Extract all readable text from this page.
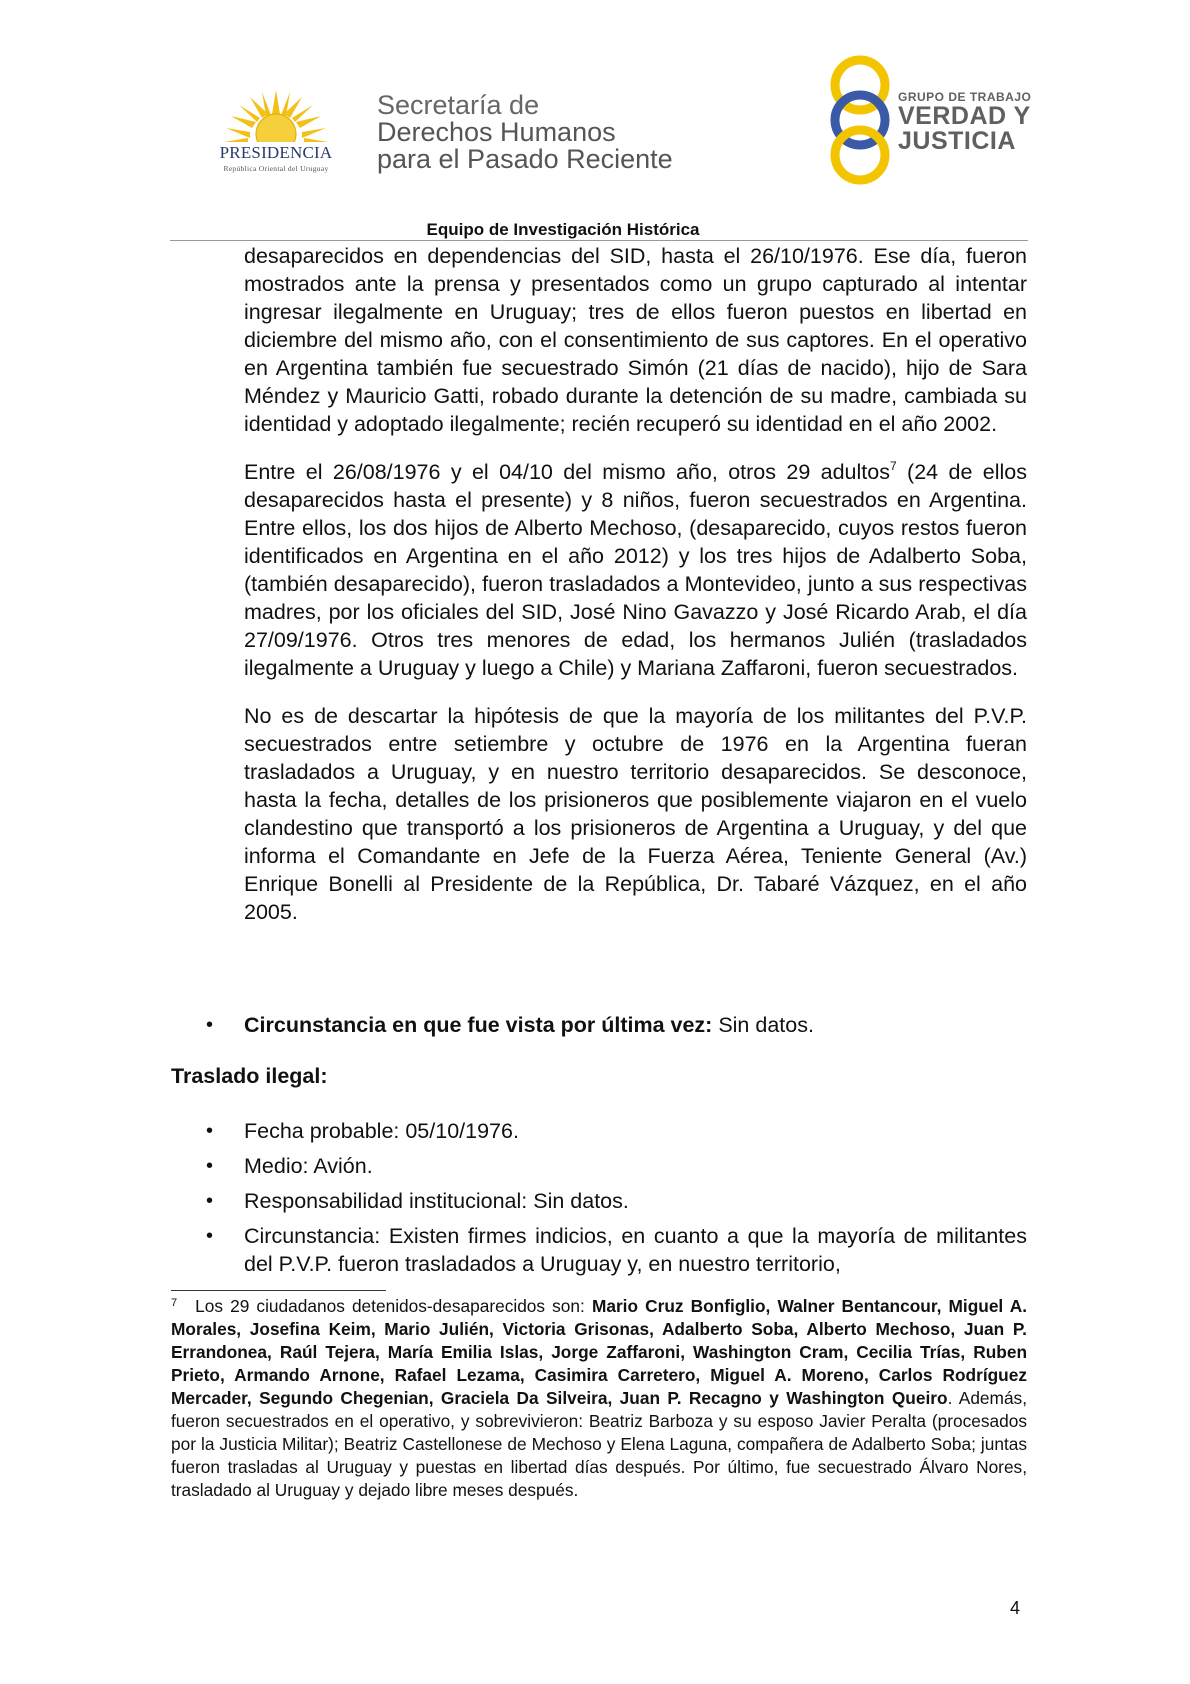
PRESIDENCIA
República Oriental del Uruguay
Secretaría de
Derechos Humanos
para el Pasado Reciente
GRUPO DE TRABAJO
VERDAD Y
JUSTICIA
Equipo de Investigación Histórica

desaparecidos en dependencias del SID, hasta el 26/10/1976. Ese día, fueron mostrados ante la prensa y presentados como un grupo capturado al intentar ingresar ilegalmente en Uruguay; tres de ellos fueron puestos en libertad en diciembre del mismo año, con el consentimiento de sus captores. En el operativo en Argentina también fue secuestrado Simón (21 días de nacido), hijo de Sara Méndez y Mauricio Gatti, robado durante la detención de su madre, cambiada su identidad y adoptado ilegalmente; recién recuperó su identidad en el año 2002.

Entre el 26/08/1976 y el 04/10 del mismo año, otros 29 adultos$^7$ (24 de ellos desaparecidos hasta el presente) y 8 niños, fueron secuestrados en Argentina. Entre ellos, los dos hijos de Alberto Mechoso, (desaparecido, cuyos restos fueron identificados en Argentina en el año 2012) y los tres hijos de Adalberto Soba, (también desaparecido), fueron trasladados a Montevideo, junto a sus respectivas madres, por los oficiales del SID, José Nino Gavazzo y José Ricardo Arab, el día 27/09/1976. Otros tres menores de edad, los hermanos Julién (trasladados ilegalmente a Uruguay y luego a Chile) y Mariana Zaffaroni, fueron secuestrados.

No es de descartar la hipótesis de que la mayoría de los militantes del P.V.P. secuestrados entre setiembre y octubre de 1976 en la Argentina fueran trasladados a Uruguay, y en nuestro territorio desaparecidos. Se desconoce, hasta la fecha, detalles de los prisioneros que posiblemente viajaron en el vuelo clandestino que transportó a los prisioneros de Argentina a Uruguay, y del que informa el Comandante en Jefe de la Fuerza Aérea, Teniente General (Av.) Enrique Bonelli al Presidente de la República, Dr. Tabaré Vázquez, en el año 2005.

• Circunstancia en que fue vista por última vez: Sin datos.
Traslado ilegal:
• Fecha probable: 05/10/1976.
• Medio: Avión.
• Responsabilidad institucional: Sin datos.
• Circunstancia: Existen firmes indicios, en cuanto a que la mayoría de militantes del P.V.P. fueron trasladados a Uruguay y, en nuestro territorio,
$^7$ Los 29 ciudadanos detenidos-desaparecidos son: Mario Cruz Bonfiglio, Walner Bentancour, Miguel A. Morales, Josefina Keim, Mario Julién, Victoria Grisonas, Adalberto Soba, Alberto Mechoso, Juan P. Errandonea, Raúl Tejera, María Emilia Islas, Jorge Zaffaroni, Washington Cram, Cecilia Trías, Ruben Prieto, Armando Arnone, Rafael Lezama, Casimira Carretero, Miguel A. Moreno, Carlos Rodríguez Mercader, Segundo Chegenian, Graciela Da Silveira, Juan P. Recagno y Washington Queiro. Además, fueron secuestrados en el operativo, y sobrevivieron: Beatriz Barboza y su esposo Javier Peralta (procesados por la Justicia Militar); Beatriz Castellonese de Mechoso y Elena Laguna, compañera de Adalberto Soba; juntas fueron trasladas al Uruguay y puestas en libertad días después. Por último, fue secuestrado Álvaro Nores, trasladado al Uruguay y dejado libre meses después.
4
